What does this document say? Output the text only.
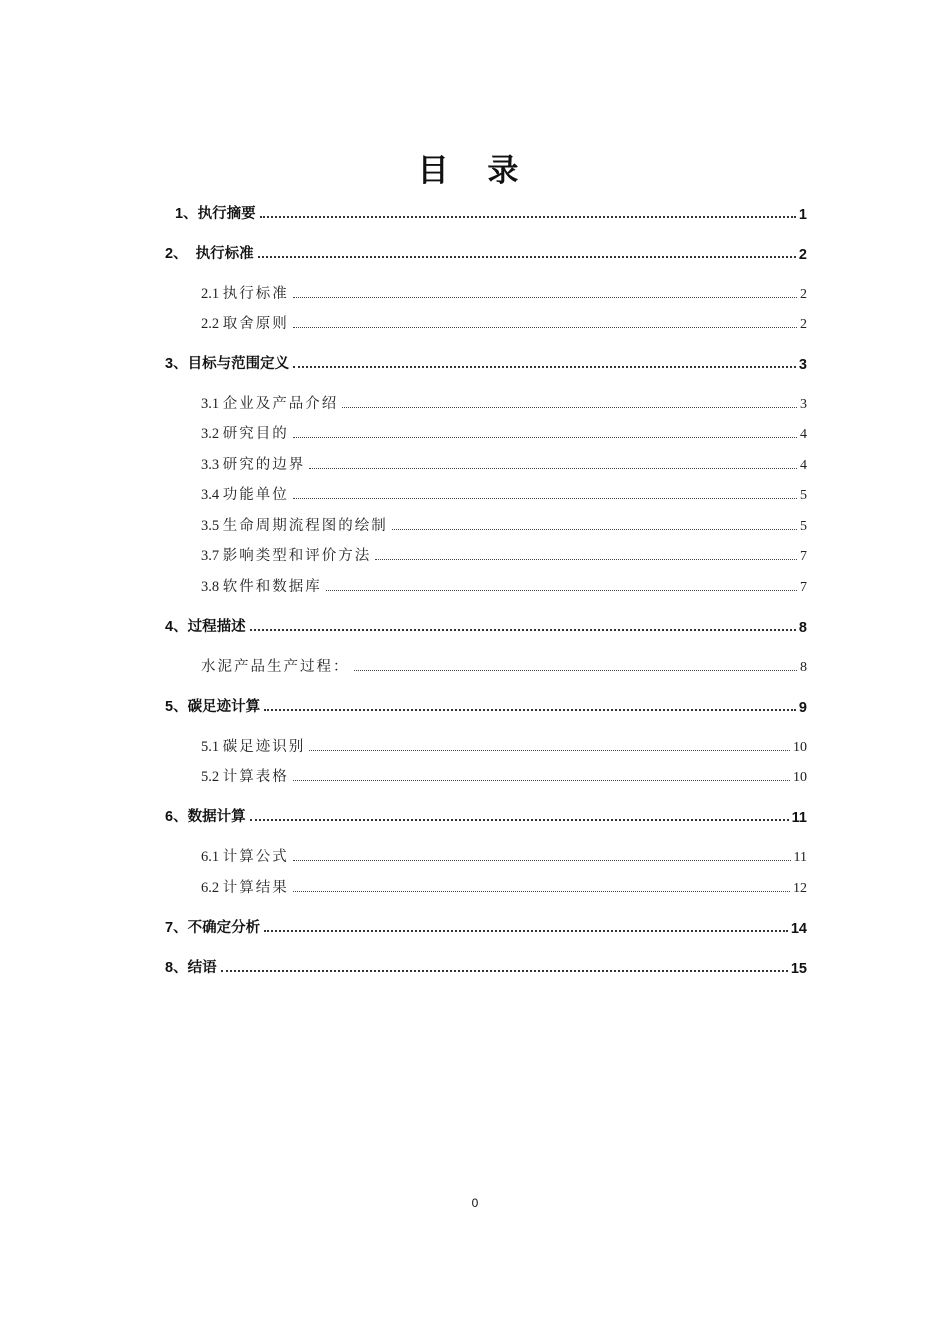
目 录
1、 执行摘要	1
2、 执行标准	2
2.1 执行标准	2
2.2 取舍原则	2
3、 目标与范围定义	3
3.1 企业及产品介绍	3
3.2 研究目的	4
3.3 研究的边界	4
3.4 功能单位	5
3.5 生命周期流程图的绘制	5
3.7 影响类型和评价方法	7
3.8 软件和数据库	7
4、 过程描述	8
水泥产品生产过程：	8
5、 碳足迹计算	9
5.1 碳足迹识别	10
5.2 计算表格	10
6、 数据计算	11
6.1 计算公式	11
6.2 计算结果	12
7、 不确定分析	14
8、 结语	15
0
